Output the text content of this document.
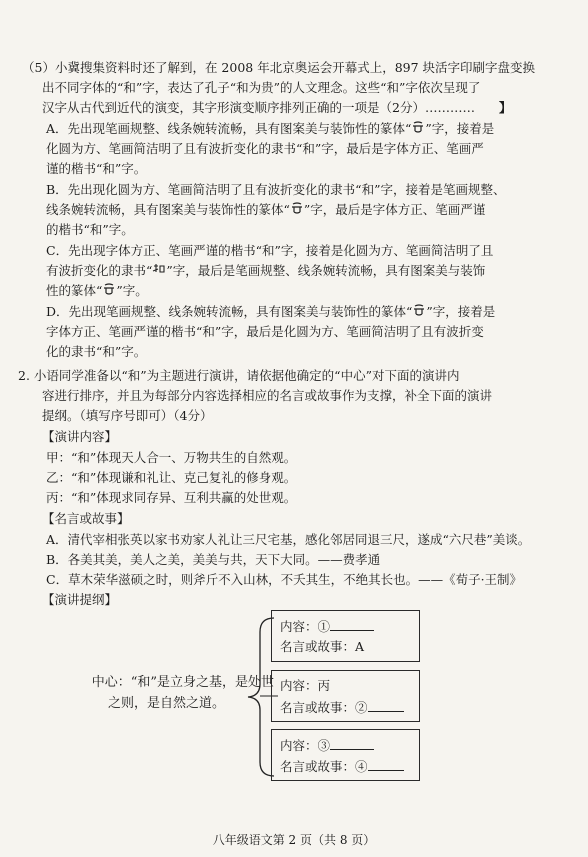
（5）小冀搜集资料时还了解到，在 2008 年北京奥运会开幕式上，897 块活字印刷字盘变换
出不同字体的“和”字，表达了孔子“和为贵”的人文理念。这些“和”字依次呈现了
汉字从古代到近代的演变，其字形演变顺序排列正确的一项是（2分）………… 】
A．先出现笔画规整、线条婉转流畅，具有图案美与装饰性的篆体“ ”字，接着是
化圆为方、笔画简洁明了且有波折变化的隶书“和”字，最后是字体方正、笔画严
谨的楷书“和”字。
B．先出现化圆为方、笔画简洁明了且有波折变化的隶书“和”字，接着是笔画规整、
线条婉转流畅，具有图案美与装饰性的篆体“ ”字，最后是字体方正、笔画严谨
的楷书“和”字。
C．先出现字体方正、笔画严谨的楷书“和”字，接着是化圆为方、笔画简洁明了且
有波折变化的隶书“ ”字，最后是笔画规整、线条婉转流畅，具有图案美与装饰
性的篆体“ ”字。
D．先出现笔画规整、线条婉转流畅，具有图案美与装饰性的篆体“ ”字，接着是
字体方正、笔画严谨的楷书“和”字，最后是化圆为方、笔画简洁明了且有波折变
化的隶书“和”字。
2. 小语同学准备以“和”为主题进行演讲，请依据他确定的“中心”对下面的演讲内
容进行排序，并且为每部分内容选择相应的名言或故事作为支撑，补全下面的演讲
提纲。（填写序号即可）（4分）
【演讲内容】
甲：“和”体现天人合一、万物共生的自然观。
乙：“和”体现谦和礼让、克己复礼的修身观。
丙：“和”体现求同存异、互利共赢的处世观。
【名言或故事】
A．清代宰相张英以家书劝家人礼让三尺宅基，感化邻居同退三尺，遂成“六尺巷”美谈。
B．各美其美，美人之美，美美与共，天下大同。——费孝通
C．草木荣华滋硕之时，则斧斤不入山林，不夭其生，不绝其长也。——《荀子·王制》
【演讲提纲】
中心：“和”是立身之基，是处世
之则，是自然之道。
内容：①
名言或故事：A
内容：丙
名言或故事：②
内容：③
名言或故事：④
八年级语文第 2 页（共 8 页）
